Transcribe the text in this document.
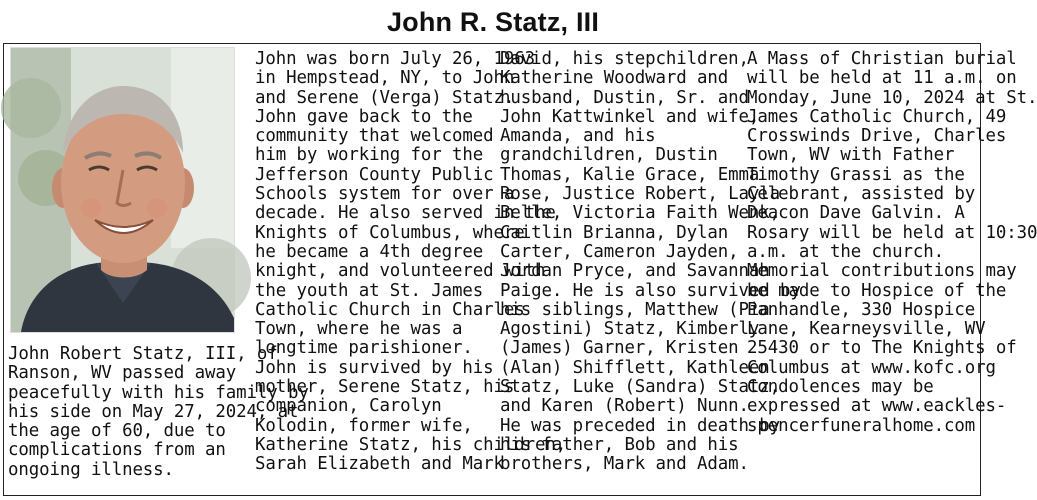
John R. Statz, III
John Robert Statz, III, of
Ranson, WV passed away
peacefully with his family by
his side on May 27, 2024, at
the age of 60, due to
complications from an
ongoing illness.
John was born July 26, 1963
in Hempstead, NY, to John
and Serene (Verga) Statz.
John gave back to the
community that welcomed
him by working for the
Jefferson County Public
Schools system for over a
decade. He also served in the
Knights of Columbus, where
he became a 4th degree
knight, and volunteered with
the youth at St. James
Catholic Church in Charles
Town, where he was a
longtime parishioner.
John is survived by his
mother, Serene Statz, his
companion, Carolyn
Kolodin, former wife,
Katherine Statz, his children,
Sarah Elizabeth and Mark
David, his stepchildren,
Katherine Woodward and
husband, Dustin, Sr. and
John Kattwinkel and wife,
Amanda, and his
grandchildren, Dustin
Thomas, Kalie Grace, Emma
Rose, Justice Robert, Layla
Belle, Victoria Faith Wenk,
Caitlin Brianna, Dylan
Carter, Cameron Jayden,
Jordan Pryce, and Savannah
Paige. He is also survived by
his siblings, Matthew (Pia
Agostini) Statz, Kimberly
(James) Garner, Kristen
(Alan) Shifflett, Kathleen
Statz, Luke (Sandra) Statz,
and Karen (Robert) Nunn.
He was preceded in death by
his father, Bob and his
brothers, Mark and Adam.
A Mass of Christian burial
will be held at 11 a.m. on
Monday, June 10, 2024 at St.
James Catholic Church, 49
Crosswinds Drive, Charles
Town, WV with Father
Timothy Grassi as the
Celebrant, assisted by
Deacon Dave Galvin. A
Rosary will be held at 10:30
a.m. at the church.
Memorial contributions may
be made to Hospice of the
Panhandle, 330 Hospice
Lane, Kearneysville, WV
25430 or to The Knights of
Columbus at www.kofc.org
Condolences may be
expressed at www.eackles-
spencerfuneralhome.com
